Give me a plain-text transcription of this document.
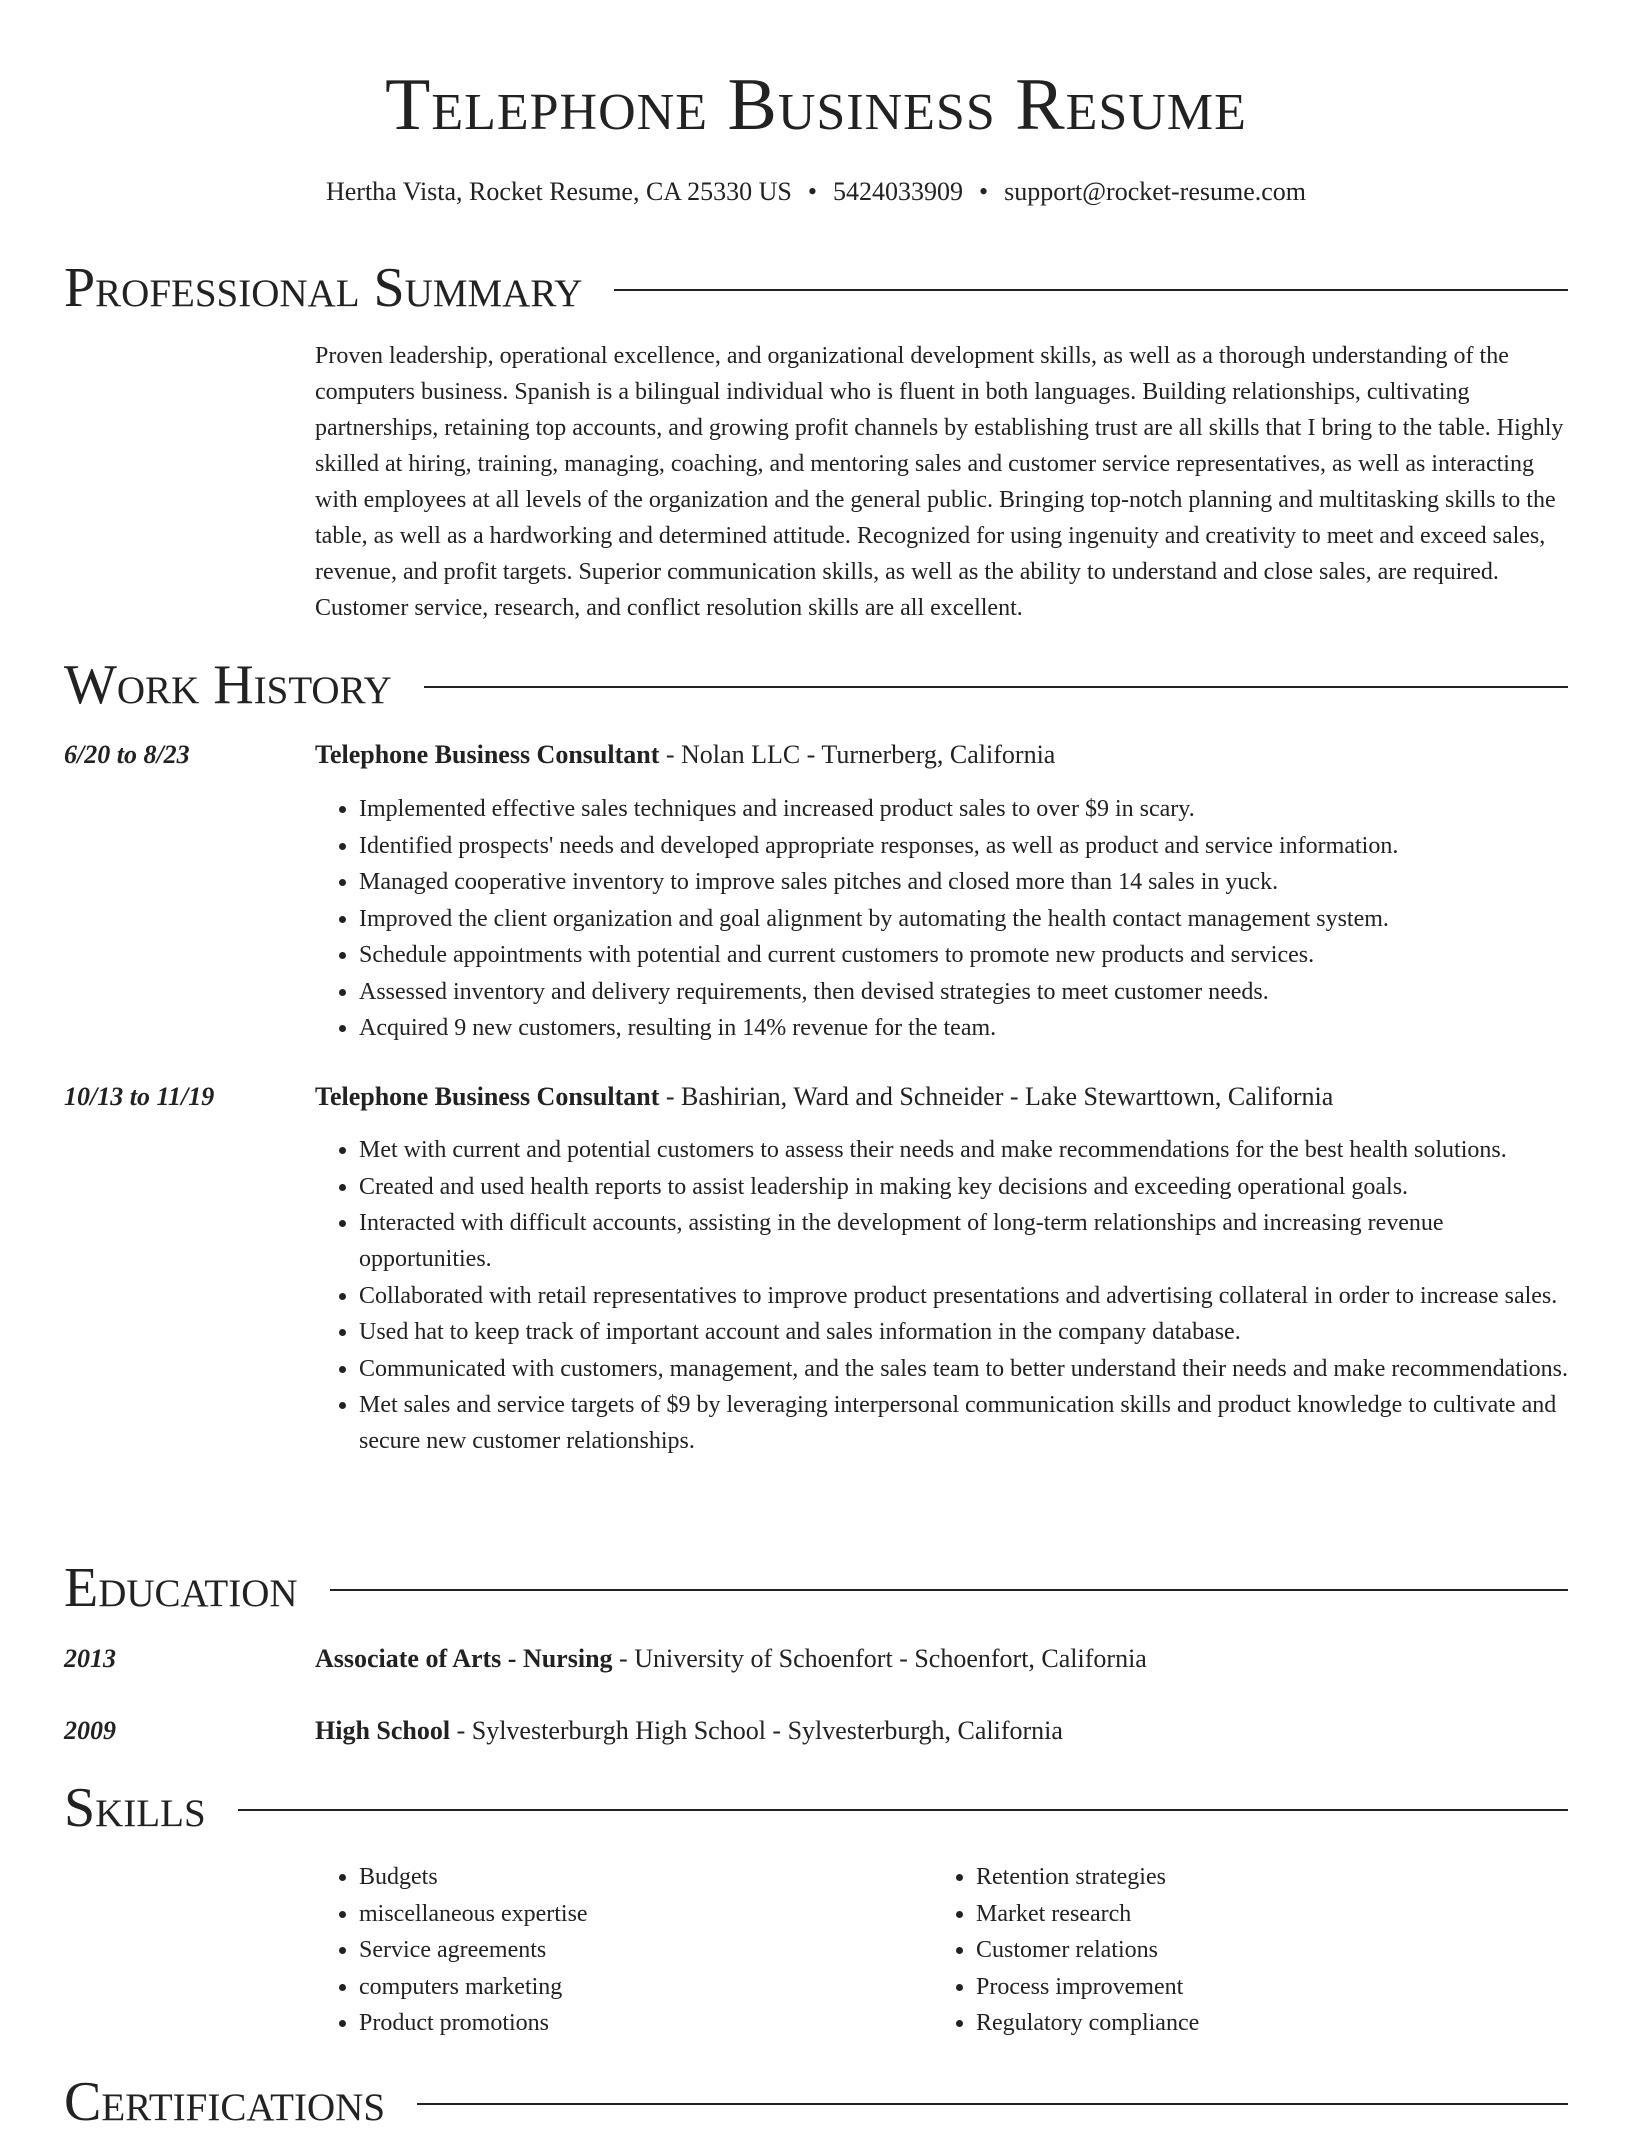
Telephone Business Resume
Hertha Vista, Rocket Resume, CA 25330 US • 5424033909 • support@rocket-resume.com
Professional Summary

Proven leadership, operational excellence, and organizational development skills, as well as a thorough understanding of the computers business. Spanish is a bilingual individual who is fluent in both languages. Building relationships, cultivating partnerships, retaining top accounts, and growing profit channels by establishing trust are all skills that I bring to the table. Highly skilled at hiring, training, managing, coaching, and mentoring sales and customer service representatives, as well as interacting with employees at all levels of the organization and the general public. Bringing top-notch planning and multitasking skills to the table, as well as a hardworking and determined attitude. Recognized for using ingenuity and creativity to meet and exceed sales, revenue, and profit targets. Superior communication skills, as well as the ability to understand and close sales, are required. Customer service, research, and conflict resolution skills are all excellent.

Work History
6/20 to 8/23	Telephone Business Consultant - Nolan LLC - Turnerberg, California
• Implemented effective sales techniques and increased product sales to over $9 in scary.
• Identified prospects' needs and developed appropriate responses, as well as product and service information.
• Managed cooperative inventory to improve sales pitches and closed more than 14 sales in yuck.
• Improved the client organization and goal alignment by automating the health contact management system.
• Schedule appointments with potential and current customers to promote new products and services.
• Assessed inventory and delivery requirements, then devised strategies to meet customer needs.
• Acquired 9 new customers, resulting in 14% revenue for the team.
10/13 to 11/19	Telephone Business Consultant - Bashirian, Ward and Schneider - Lake Stewarttown, California
• Met with current and potential customers to assess their needs and make recommendations for the best health solutions.
• Created and used health reports to assist leadership in making key decisions and exceeding operational goals.
• Interacted with difficult accounts, assisting in the development of long-term relationships and increasing revenue opportunities.
• Collaborated with retail representatives to improve product presentations and advertising collateral in order to increase sales.
• Used hat to keep track of important account and sales information in the company database.
• Communicated with customers, management, and the sales team to better understand their needs and make recommendations.
• Met sales and service targets of $9 by leveraging interpersonal communication skills and product knowledge to cultivate and secure new customer relationships.
Education
2013	Associate of Arts - Nursing - University of Schoenfort - Schoenfort, California
2009	High School - Sylvesterburgh High School - Sylvesterburgh, California
Skills
• Budgets
• miscellaneous expertise
• Service agreements
• computers marketing
• Product promotions
• Retention strategies
• Market research
• Customer relations
• Process improvement
• Regulatory compliance
Certifications
